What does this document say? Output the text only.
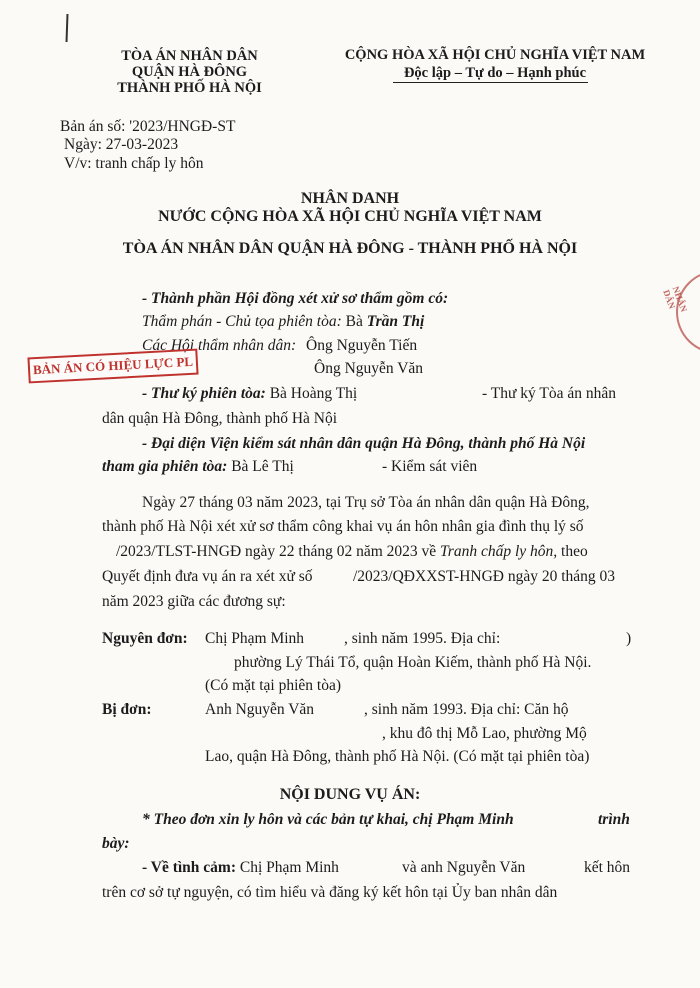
NHÂN DÂN
TÒA ÁN NHÂN DÂN
QUẬN HÀ ĐÔNG
THÀNH PHỐ HÀ NỘI
CỘNG HÒA XÃ HỘI CHỦ NGHĨA VIỆT NAM
Độc lập – Tự do – Hạnh phúc
Bản án số: '2023/HNGĐ-ST
Ngày: 27-03-2023
V/v: tranh chấp ly hôn
NHÂN DANH
NƯỚC CỘNG HÒA XÃ HỘI CHỦ NGHĨA VIỆT NAM
TÒA ÁN NHÂN DÂN QUẬN HÀ ĐÔNG - THÀNH PHỐ HÀ NỘI
- Thành phần Hội đồng xét xử sơ thẩm gồm có:
Thẩm phán - Chủ tọa phiên tòa: Bà Trần Thị
Các Hội thẩm nhân dân: Ông Nguyễn Tiến
Ông Nguyễn Văn
BẢN ÁN CÓ HIỆU LỰC PL
- Thư ký phiên tòa: Bà Hoàng Thị	- Thư ký Tòa án nhân
dân quận Hà Đông, thành phố Hà Nội
- Đại diện Viện kiểm sát nhân dân quận Hà Đông, thành phố Hà Nội
tham gia phiên tòa: Bà Lê Thị	- Kiểm sát viên
Ngày 27 tháng 03 năm 2023, tại Trụ sở Tòa án nhân dân quận Hà Đông,
thành phố Hà Nội xét xử sơ thẩm công khai vụ án hôn nhân gia đình thụ lý số
/2023/TLST-HNGĐ ngày 22 tháng 02 năm 2023 về Tranh chấp ly hôn, theo
Quyết định đưa vụ án ra xét xử số	/2023/QĐXXST-HNGĐ ngày 20 tháng 03
năm 2023 giữa các đương sự:
Nguyên đơn: Chị Phạm Minh	, sinh năm 1995. Địa chỉ:	)
phường Lý Thái Tổ, quận Hoàn Kiếm, thành phố Hà Nội.
(Có mặt tại phiên tòa)
Bị đơn:	Anh Nguyễn Văn	, sinh năm 1993. Địa chỉ: Căn hộ
, khu đô thị Mỗ Lao, phường Mộ
Lao, quận Hà Đông, thành phố Hà Nội. (Có mặt tại phiên tòa)
NỘI DUNG VỤ ÁN:
* Theo đơn xin ly hôn và các bản tự khai, chị Phạm Minh	trình
bày:
- Về tình cảm: Chị Phạm Minh	và anh Nguyễn Văn	kết hôn
trên cơ sở tự nguyện, có tìm hiểu và đăng ký kết hôn tại Ủy ban nhân dân
